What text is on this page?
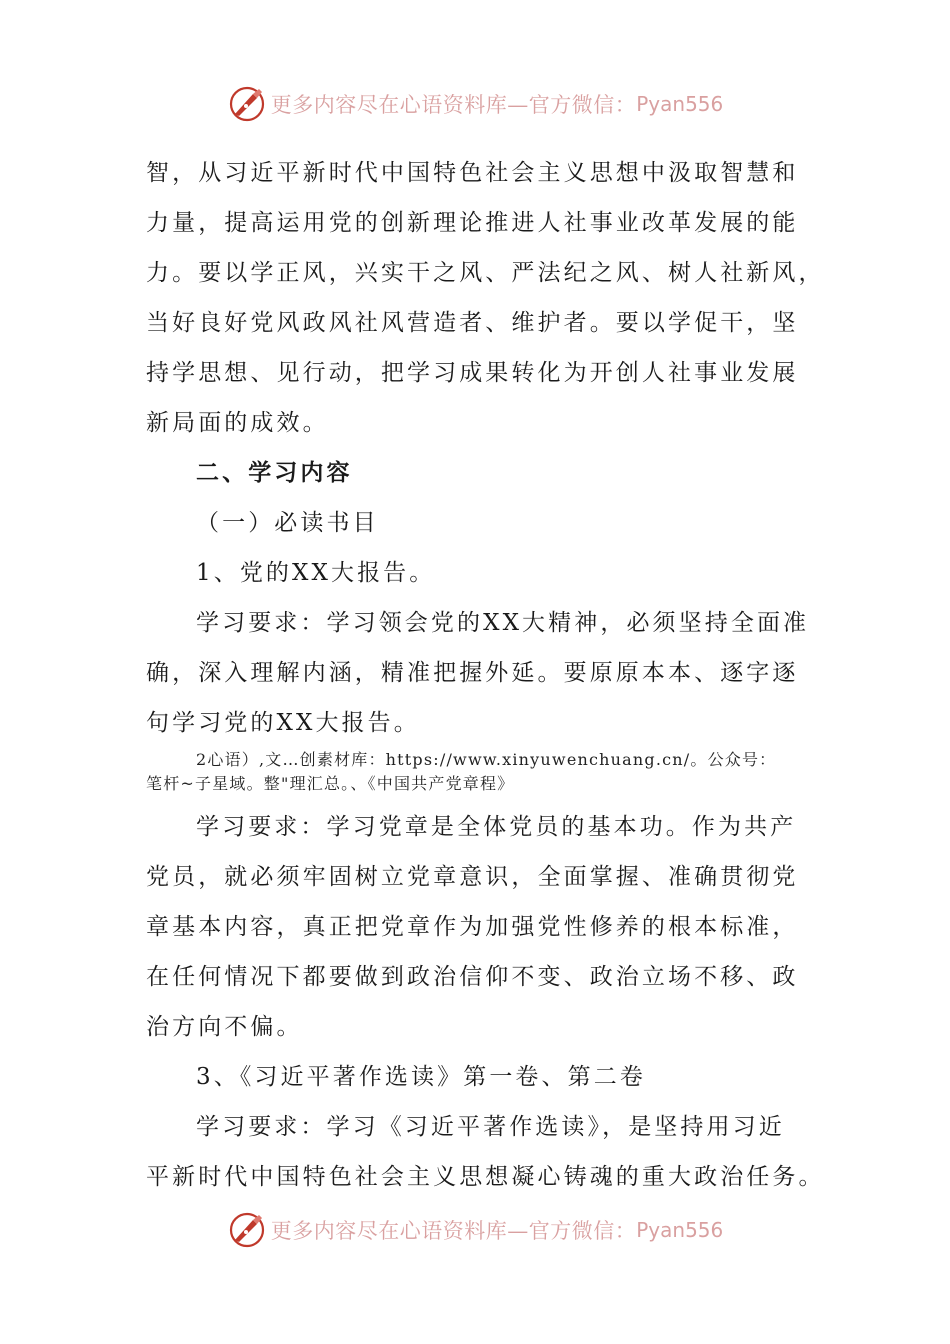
更多内容尽在心语资料库—官方微信： Pyan556

智，从习近平新时代中国特色社会主义思想中汲取智慧和

力量，提高运用党的创新理论推进人社事业改革发展的能

力。要以学正风，兴实干之风、严法纪之风、树人社新风，

当好良好党风政风社风营造者、维护者。要以学促干，坚

持学思想、见行动，把学习成果转化为开创人社事业发展

新局面的成效。

二、学习内容

（一）必读书目

1、党的XX大报告。

学习要求：学习领会党的XX大精神，必须坚持全面准

确，深入理解内涵，精准把握外延。要原原本本、逐字逐

句学习党的XX大报告。

2心语）,文…创素材库：https://www.xinyuwenchuang.cn/。公众号：

笔杆~子星域。整"理汇总。、《中国共产党章程》

学习要求：学习党章是全体党员的基本功。作为共产

党员，就必须牢固树立党章意识，全面掌握、准确贯彻党

章基本内容，真正把党章作为加强党性修养的根本标准，

在任何情况下都要做到政治信仰不变、政治立场不移、政

治方向不偏。

3、《习近平著作选读》第一卷、第二卷

学习要求：学习《习近平著作选读》，是坚持用习近

平新时代中国特色社会主义思想凝心铸魂的重大政治任务。

更多内容尽在心语资料库—官方微信： Pyan556
